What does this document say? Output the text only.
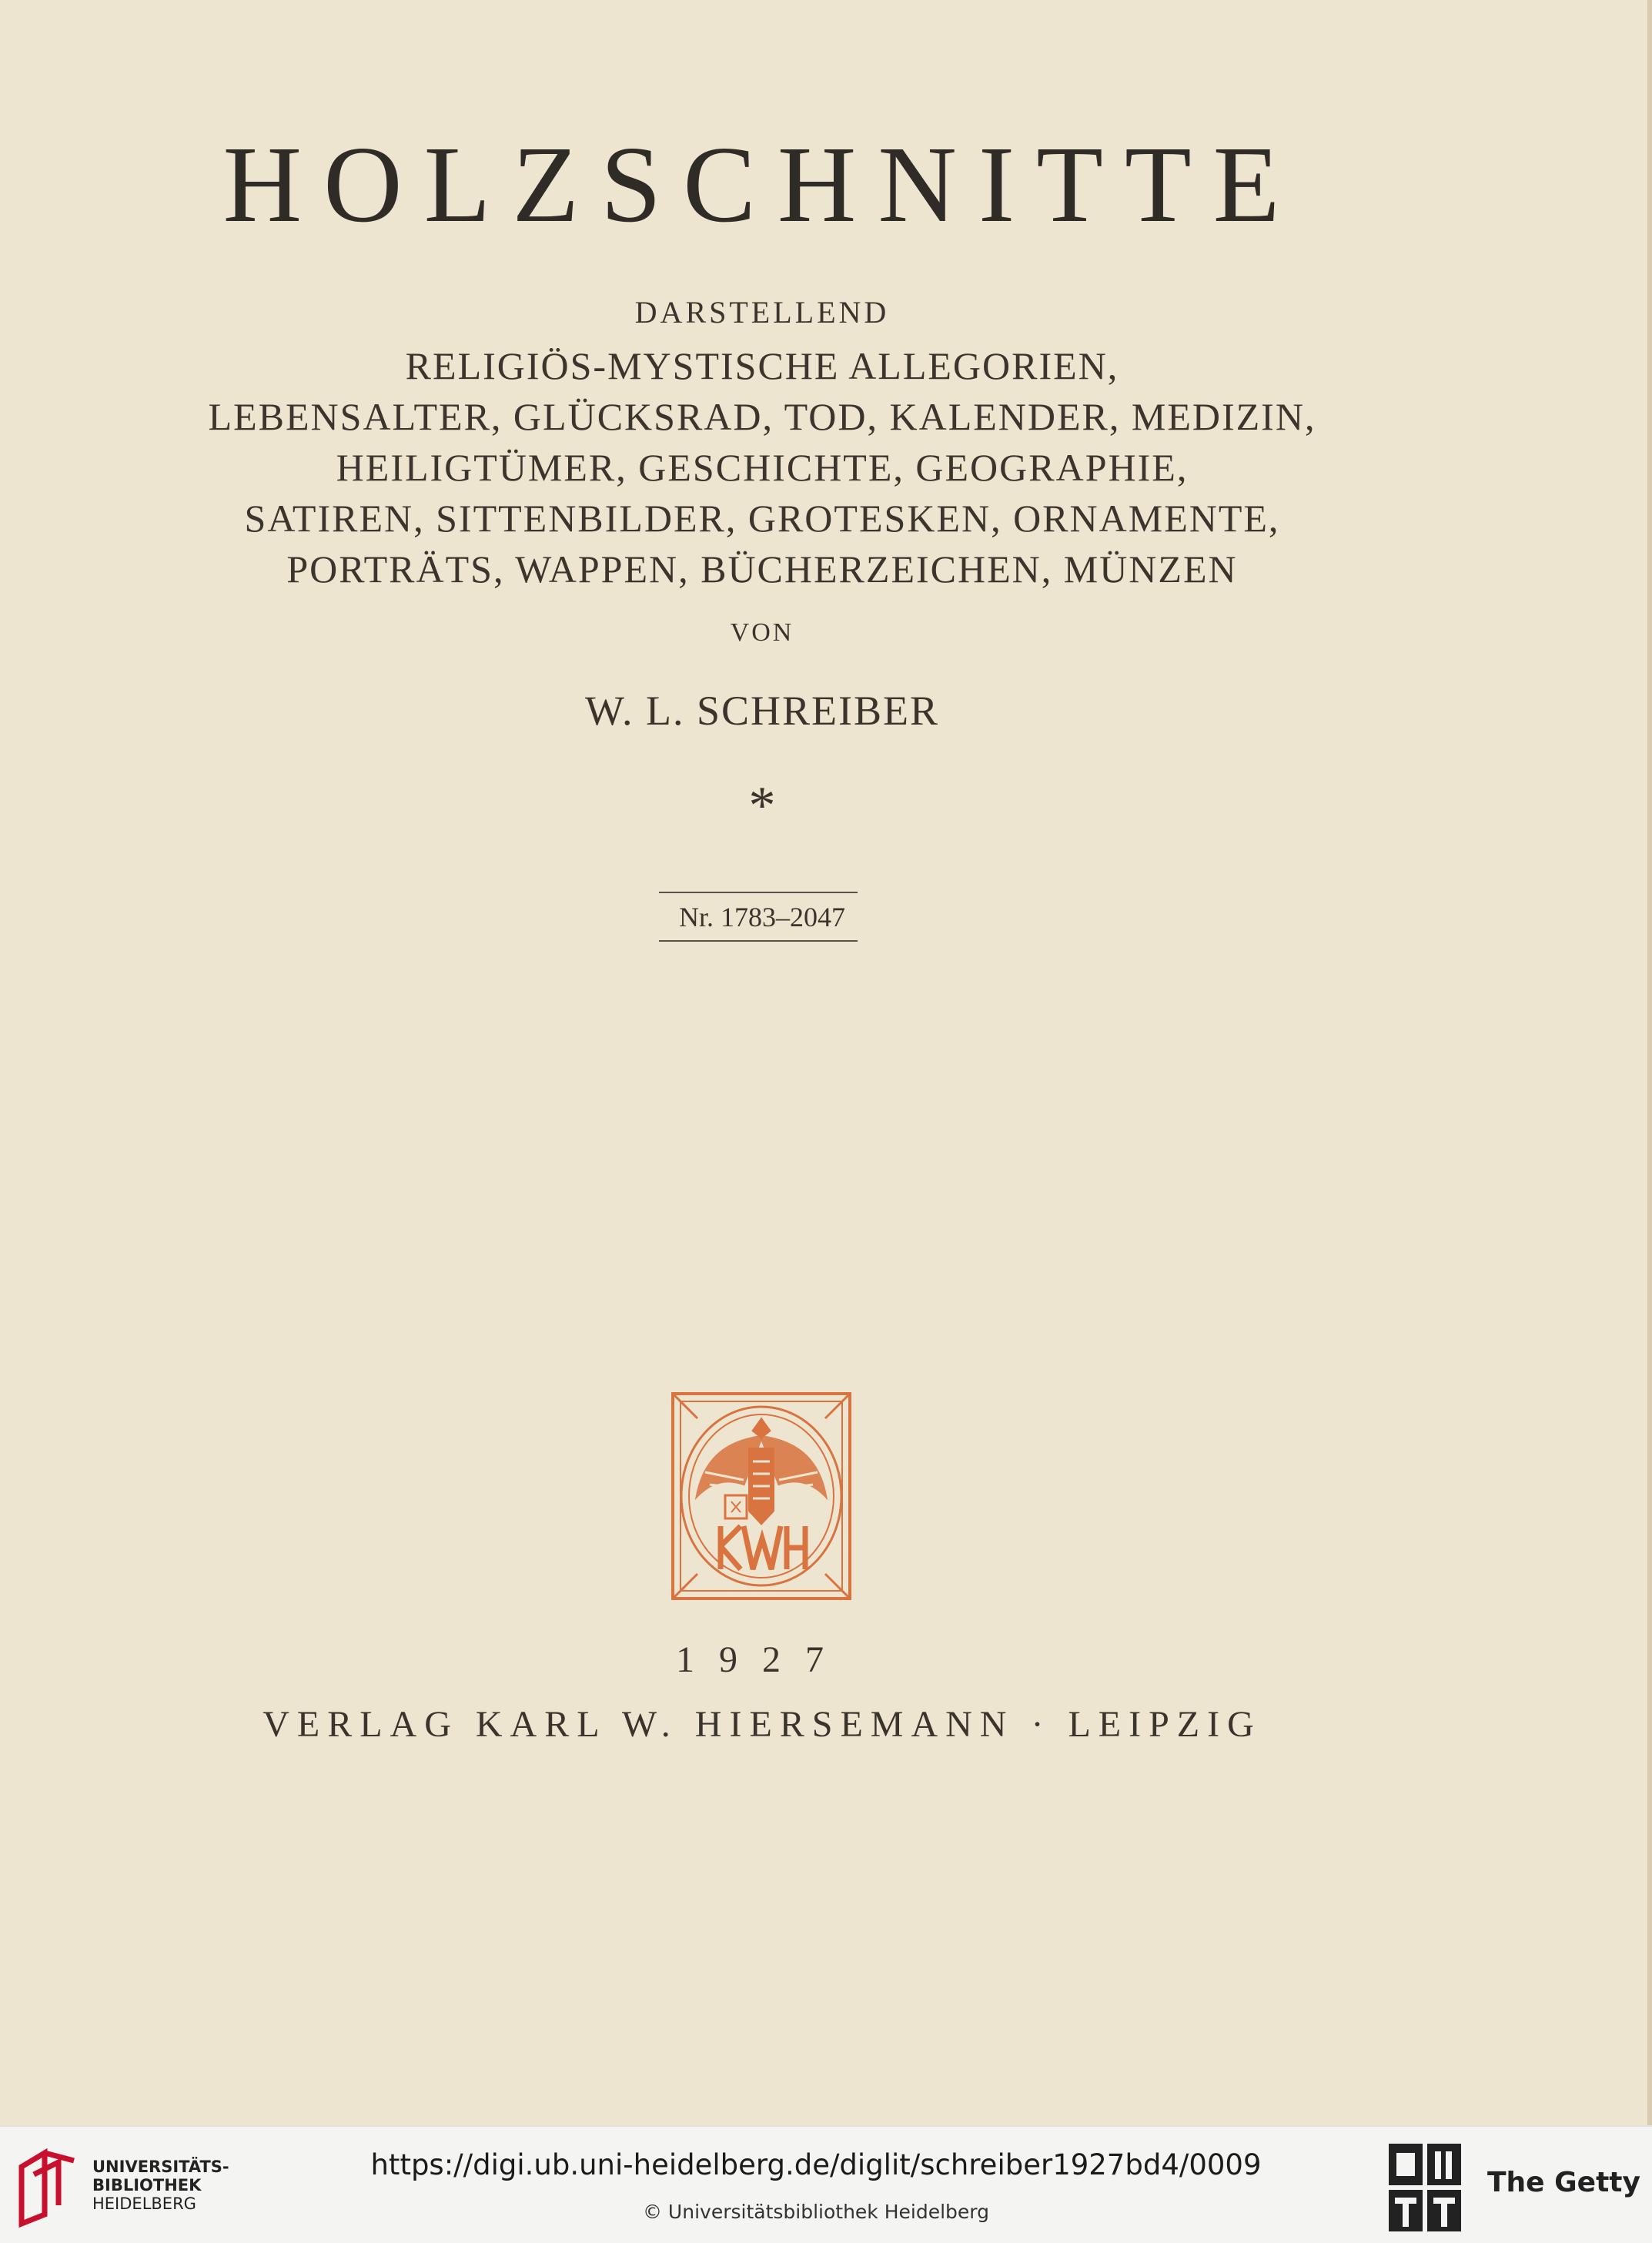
HOLZSCHNITTE
DARSTELLEND
RELIGIÖS-MYSTISCHE ALLEGORIEN,
LEBENSALTER, GLÜCKSRAD, TOD, KALENDER, MEDIZIN,
HEILIGTÜMER, GESCHICHTE, GEOGRAPHIE,
SATIREN, SITTENBILDER, GROTESKEN, ORNAMENTE,
PORTRÄTS, WAPPEN, BÜCHERZEICHEN, MÜNZEN
VON
W. L. SCHREIBER
*
Nr. 1783–2047
1927
VERLAG KARL W. HIERSEMANN · LEIPZIG
UNIVERSITÄTS-
BIBLIOTHEK
HEIDELBERG
https://digi.ub.uni-heidelberg.de/diglit/schreiber1927bd4/0009
© Universitätsbibliothek Heidelberg
The Getty
